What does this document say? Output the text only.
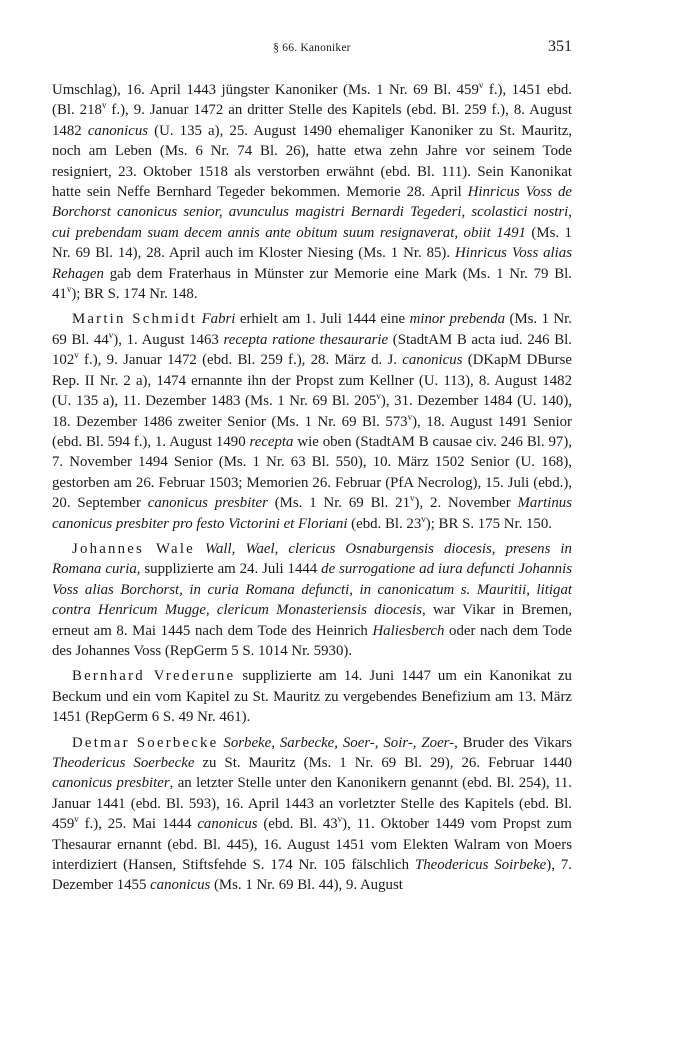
§ 66. Kanoniker	351

Umschlag), 16. April 1443 jüngster Kanoniker (Ms. 1 Nr. 69 Bl. 459$^v$ f.), 1451 ebd. (Bl. 218$^v$ f.), 9. Januar 1472 an dritter Stelle des Kapitels (ebd. Bl. 259 f.), 8. August 1482 canonicus (U. 135 a), 25. August 1490 ehemaliger Kanoniker zu St. Mauritz, noch am Leben (Ms. 6 Nr. 74 Bl. 26), hatte etwa zehn Jahre vor seinem Tode resigniert, 23. Oktober 1518 als verstorben erwähnt (ebd. Bl. 111). Sein Kanonikat hatte sein Neffe Bernhard Tegeder bekommen. Memorie 28. April Hinricus Voss de Borchorst canonicus senior, avunculus magistri Bernardi Tegederi, scolastici nostri, cui prebendam suam decem annis ante obitum suum resignaverat, obiit 1491 (Ms. 1 Nr. 69 Bl. 14), 28. April auch im Kloster Niesing (Ms. 1 Nr. 85). Hinricus Voss alias Rehagen gab dem Fraterhaus in Münster zur Memorie eine Mark (Ms. 1 Nr. 79 Bl. 41$^v$); BR S. 174 Nr. 148.

Martin Schmidt Fabri erhielt am 1. Juli 1444 eine minor prebenda (Ms. 1 Nr. 69 Bl. 44$^v$), 1. August 1463 recepta ratione thesaurarie (StadtAM B acta iud. 246 Bl. 102$^v$ f.), 9. Januar 1472 (ebd. Bl. 259 f.), 28. März d. J. canonicus (DKapM DBurse Rep. II Nr. 2 a), 1474 ernannte ihn der Propst zum Kellner (U. 113), 8. August 1482 (U. 135 a), 11. Dezember 1483 (Ms. 1 Nr. 69 Bl. 205$^v$), 31. Dezember 1484 (U. 140), 18. Dezember 1486 zweiter Senior (Ms. 1 Nr. 69 Bl. 573$^v$), 18. August 1491 Senior (ebd. Bl. 594 f.), 1. August 1490 recepta wie oben (StadtAM B causae civ. 246 Bl. 97), 7. November 1494 Senior (Ms. 1 Nr. 63 Bl. 550), 10. März 1502 Senior (U. 168), gestorben am 26. Februar 1503; Memorien 26. Februar (PfA Necrolog), 15. Juli (ebd.), 20. September canonicus presbiter (Ms. 1 Nr. 69 Bl. 21$^v$), 2. November Martinus canonicus presbiter pro festo Victorini et Floriani (ebd. Bl. 23$^v$); BR S. 175 Nr. 150.

Johannes Wale Wall, Wael, clericus Osnaburgensis diocesis, presens in Romana curia, supplizierte am 24. Juli 1444 de surrogatione ad iura defuncti Johannis Voss alias Borchorst, in curia Romana defuncti, in canonicatum s. Mauritii, litigat contra Henricum Mugge, clericum Monasteriensis diocesis, war Vikar in Bremen, erneut am 8. Mai 1445 nach dem Tode des Heinrich Haliesberch oder nach dem Tode des Johannes Voss (RepGerm 5 S. 1014 Nr. 5930).

Bernhard Vrederune supplizierte am 14. Juni 1447 um ein Kanonikat zu Beckum und ein vom Kapitel zu St. Mauritz zu vergebendes Benefizium am 13. März 1451 (RepGerm 6 S. 49 Nr. 461).

Detmar Soerbecke Sorbeke, Sarbecke, Soer-, Soir-, Zoer-, Bruder des Vikars Theodericus Soerbecke zu St. Mauritz (Ms. 1 Nr. 69 Bl. 29), 26. Februar 1440 canonicus presbiter, an letzter Stelle unter den Kanonikern genannt (ebd. Bl. 254), 11. Januar 1441 (ebd. Bl. 593), 16. April 1443 an vorletzter Stelle des Kapitels (ebd. Bl. 459$^v$ f.), 25. Mai 1444 canonicus (ebd. Bl. 43$^v$), 11. Oktober 1449 vom Propst zum Thesaurar ernannt (ebd. Bl. 445), 16. August 1451 vom Elekten Walram von Moers interdiziert (Hansen, Stiftsfehde S. 174 Nr. 105 fälschlich Theodericus Soirbeke), 7. Dezember 1455 canonicus (Ms. 1 Nr. 69 Bl. 44), 9. August
